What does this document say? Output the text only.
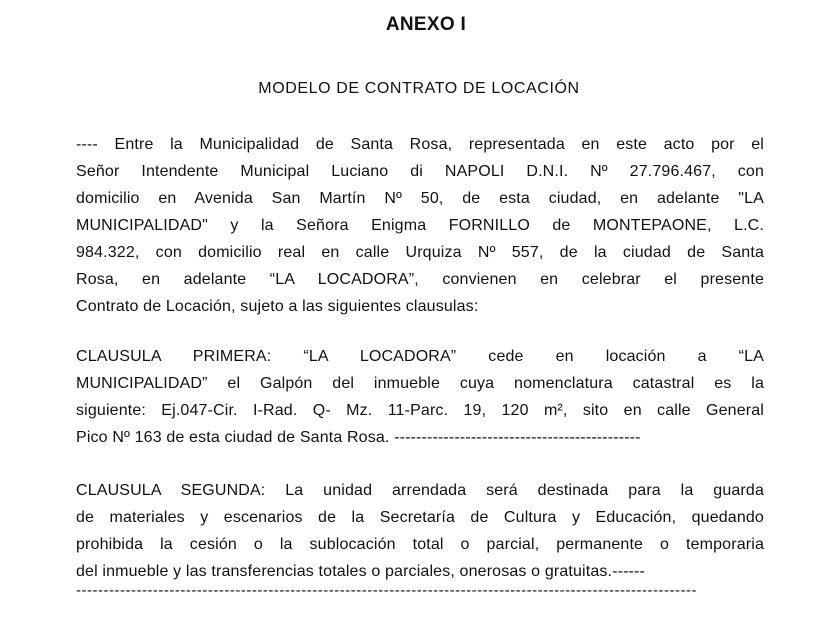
ANEXO I
MODELO DE CONTRATO DE LOCACIÓN
---- Entre la Municipalidad de Santa Rosa, representada en este acto por el
Señor Intendente Municipal Luciano di NAPOLI D.N.I. Nº 27.796.467, con
domicilio en Avenida San Martín Nº 50, de esta ciudad, en adelante "LA
MUNICIPALIDAD" y la Señora Enigma FORNILLO de MONTEPAONE, L.C.
984.322, con domicilio real en calle Urquiza Nº 557, de la ciudad de Santa
Rosa, en adelante “LA LOCADORA”, convienen en celebrar el presente
Contrato de Locación, sujeto a las siguientes clausulas:
CLAUSULA PRIMERA: “LA LOCADORA” cede en locación a “LA
MUNICIPALIDAD” el Galpón del inmueble cuya nomenclatura catastral es la
siguiente: Ej.047-Cir. I-Rad. Q- Mz. 11-Parc. 19, 120 m², sito en calle General
Pico Nº 163 de esta ciudad de Santa Rosa. ---------------------------------------------
CLAUSULA SEGUNDA: La unidad arrendada será destinada para la guarda
de materiales y escenarios de la Secretaría de Cultura y Educación, quedando
prohibida la cesión o la sublocación total o parcial, permanente o temporaria
del inmueble y las transferencias totales o parciales, onerosas o gratuitas.------
-----------------------------------------------------------------------------------------------------------------
